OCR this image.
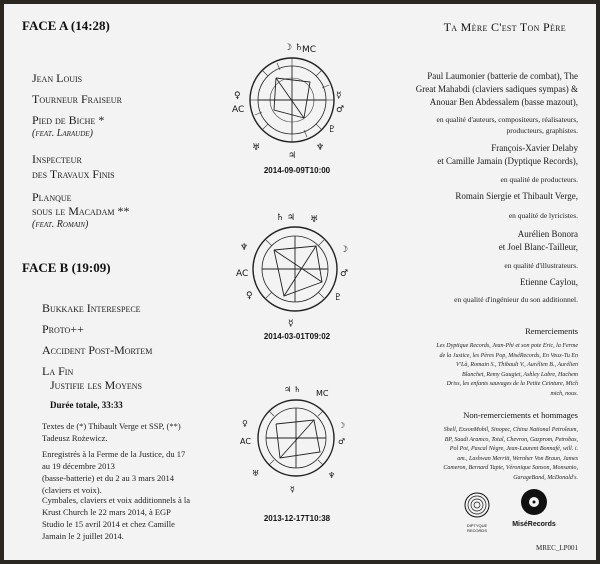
FACE A (14:28)	Ta Mère C'est Ton Père
Jean Louis
Tourneur Fraiseur
Pied de Biche *
(feat. Laraude)
Inspecteur
des Travaux Finis
Planque
sous le Macadam **
(feat. Romain)
FACE B (19:09)
Bukkake Interespece
Proto++
Accident Post-Mortem
La Fin
Justifie les Moyens
Durée totale, 33:33
Textes de (*) Thibault Verge et SSP, (**)
Tadeusz Rożewicz.
Enregistrés à la Ferme de la Justice, du 17
au 19 décembre 2013
(basse-batterie) et du 2 au 3 mars 2014
(claviers et voix).
Cymbales, claviers et voix additionnels à la
Krust Church le 22 mars 2014, à EGP
Studio le 15 avril 2014 et chez Camille
Jamain le 2 juillet 2014.
☽ ♄ MC
♀	☿
AC	♂
♅	♆
♃
♇
2014-09-09T10:00
♄ ♃ ♅
♆	☽
AC	♂
♀	♇
☿
2014-03-01T09:02
♃ ♄ MC
♀	☽
AC	♂
♅	♆
☿
2013-12-17T10:38
Paul Laumonier (batterie de combat), The
Great Mahabdi (claviers sadiques sympas) &
Anouar Ben Abdessalem (basse mazout),
en qualité d'auteurs, compositeurs, réalisateurs,
producteurs, graphistes.
François-Xavier Delaby
et Camille Jamain (Dyptique Records),
en qualité de producteurs.
Romain Siergie et Thibault Verge,
en qualité de lyricistes.
Aurélien Bonora
et Joel Blanc-Tailleur,
en qualité d'illustrateurs.
Etienne Caylou,
en qualité d'ingénieur du son additionnel.
Remerciements
Les Dyptique Records, Jean-Phi et son pote Eric, la Ferme
de la Justice, les Pères Pop, MiséRecords, En Veux-Tu En
V'Là, Romain S., Thibault V., Aurélien B., Aurélien
Blanchet, Remy Gaugiet, Ashley Labre, Hachem
Driss, les enfants sauvages de la Petite Ceinture, Mich
mich, nous.
Non-remerciements et hommages
Shell, ExxonMobil, Sinopec, China National Petroleum,
BP, Saudi Aramco, Total, Chevron, Gazprom, Petrobas,
Pol Pot, Pascal Nègre, Jean-Laurent Bonnafé, will. i.
am., Lashwan Merritt, Wernher Von Braun, James
Cameron, Bernard Tapie, Véronique Sanson, Monsanto,
GarageBand, McDonald's.
DIPTYQUE RECORDS
MiséRecords
MREC_LP001
